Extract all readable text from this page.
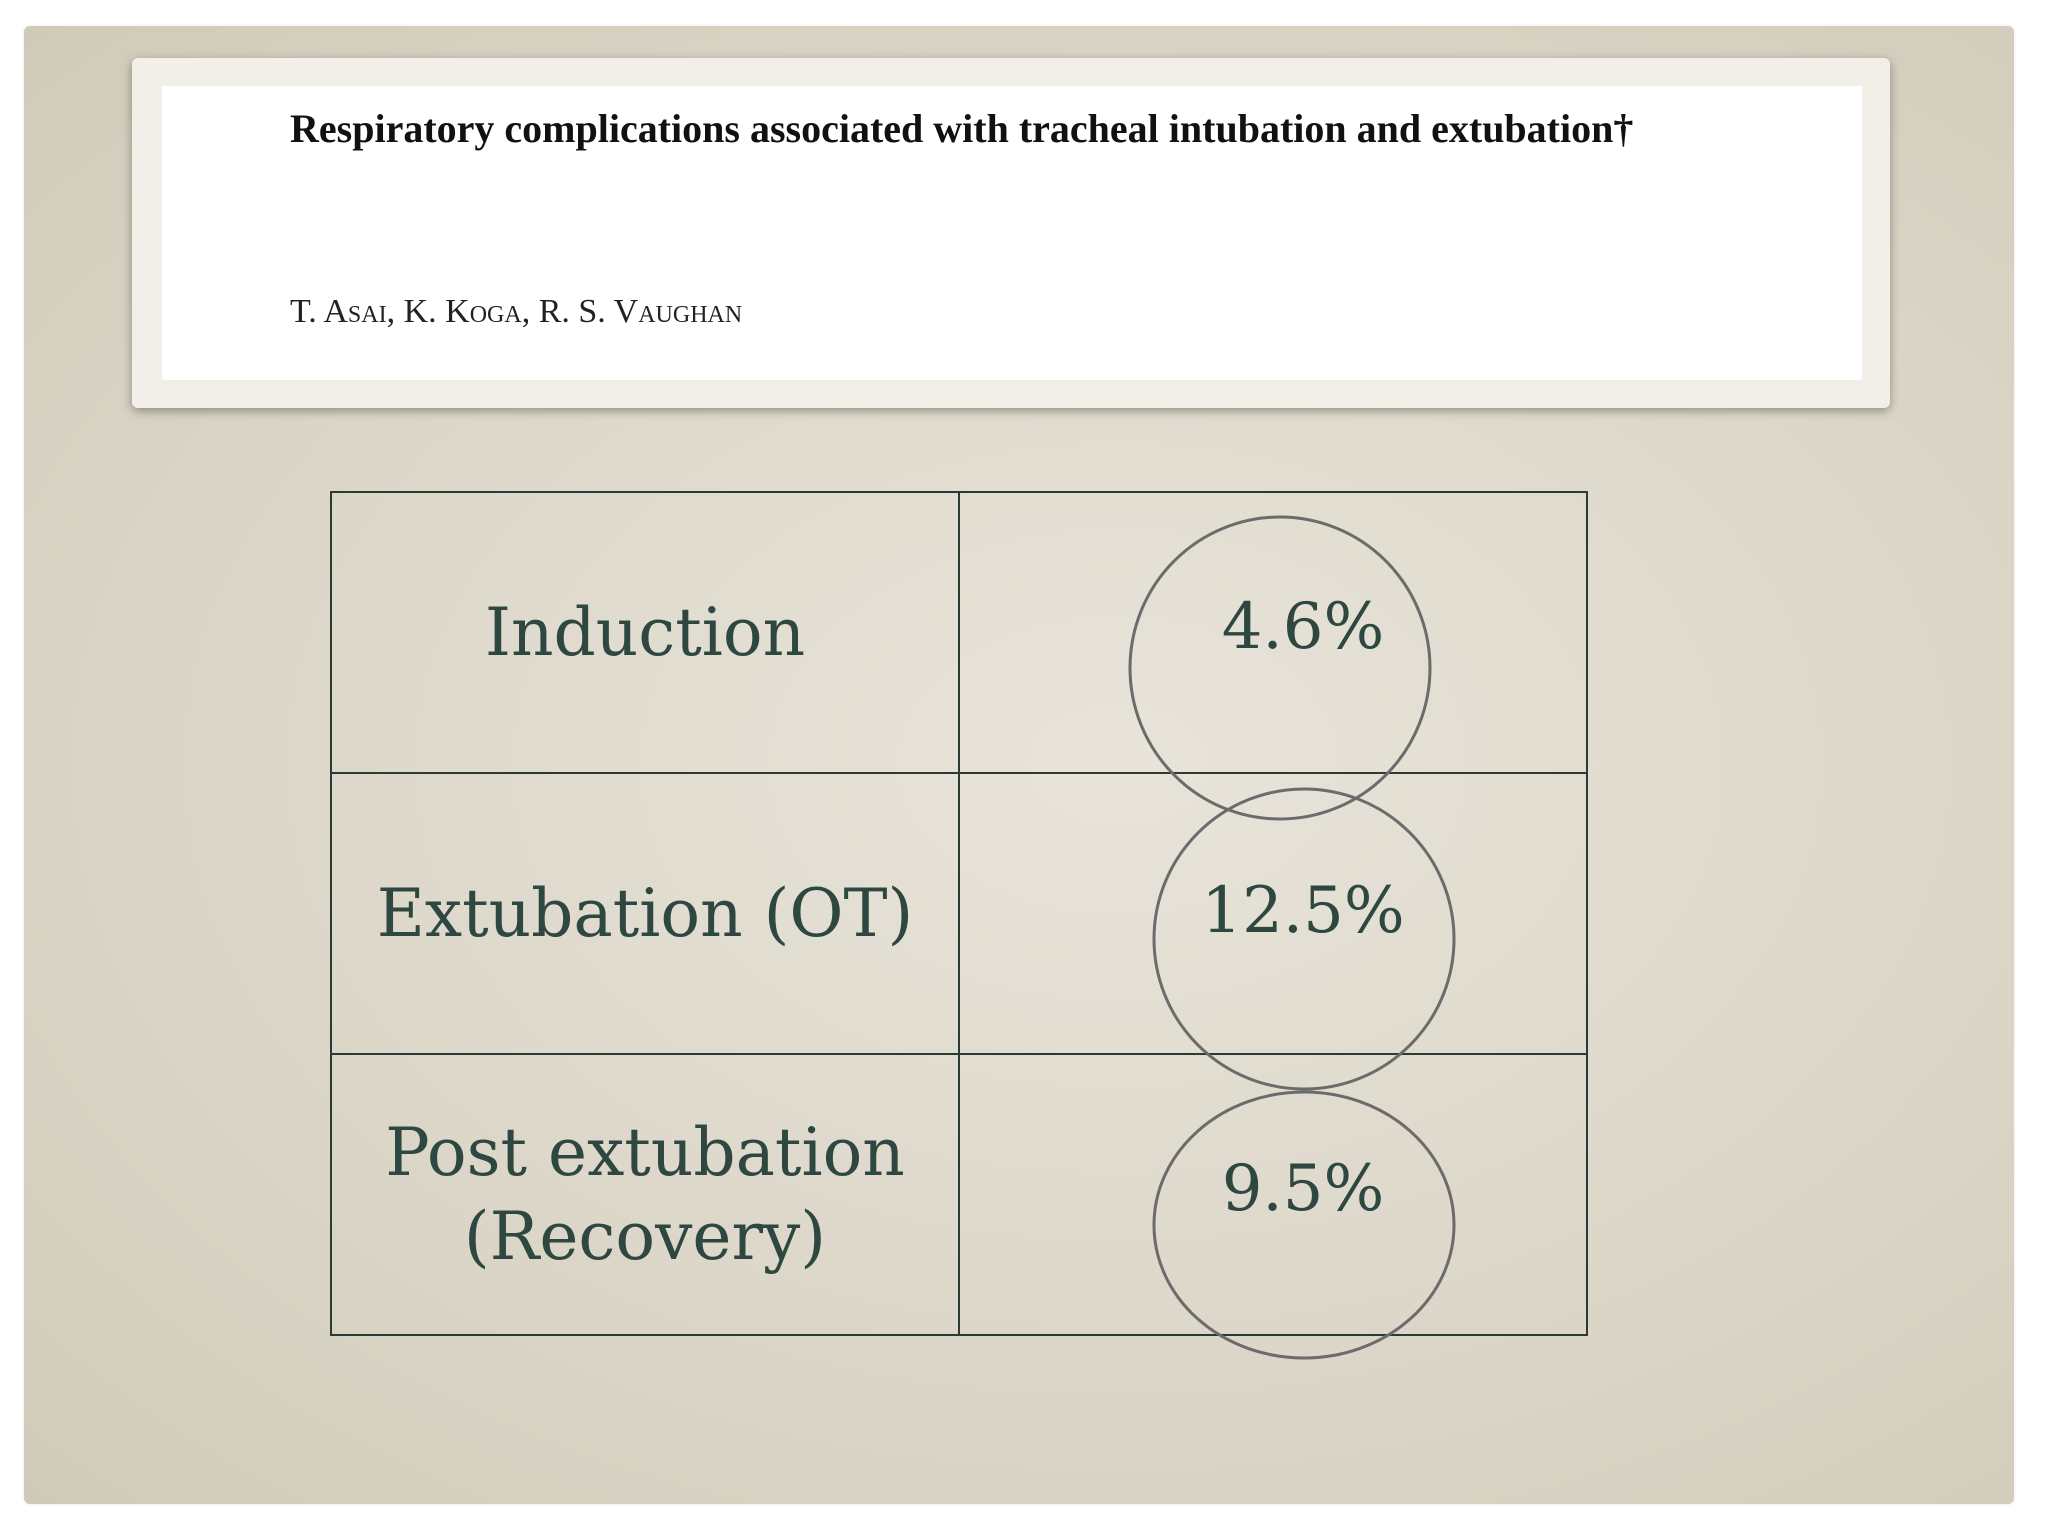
Respiratory complications associated with tracheal intubation and extubation†

T. Asai, K. Koga, R. S. Vaughan

Induction	4.6%
Extubation (OT)	12.5%
Post extubation (Recovery)	9.5%
